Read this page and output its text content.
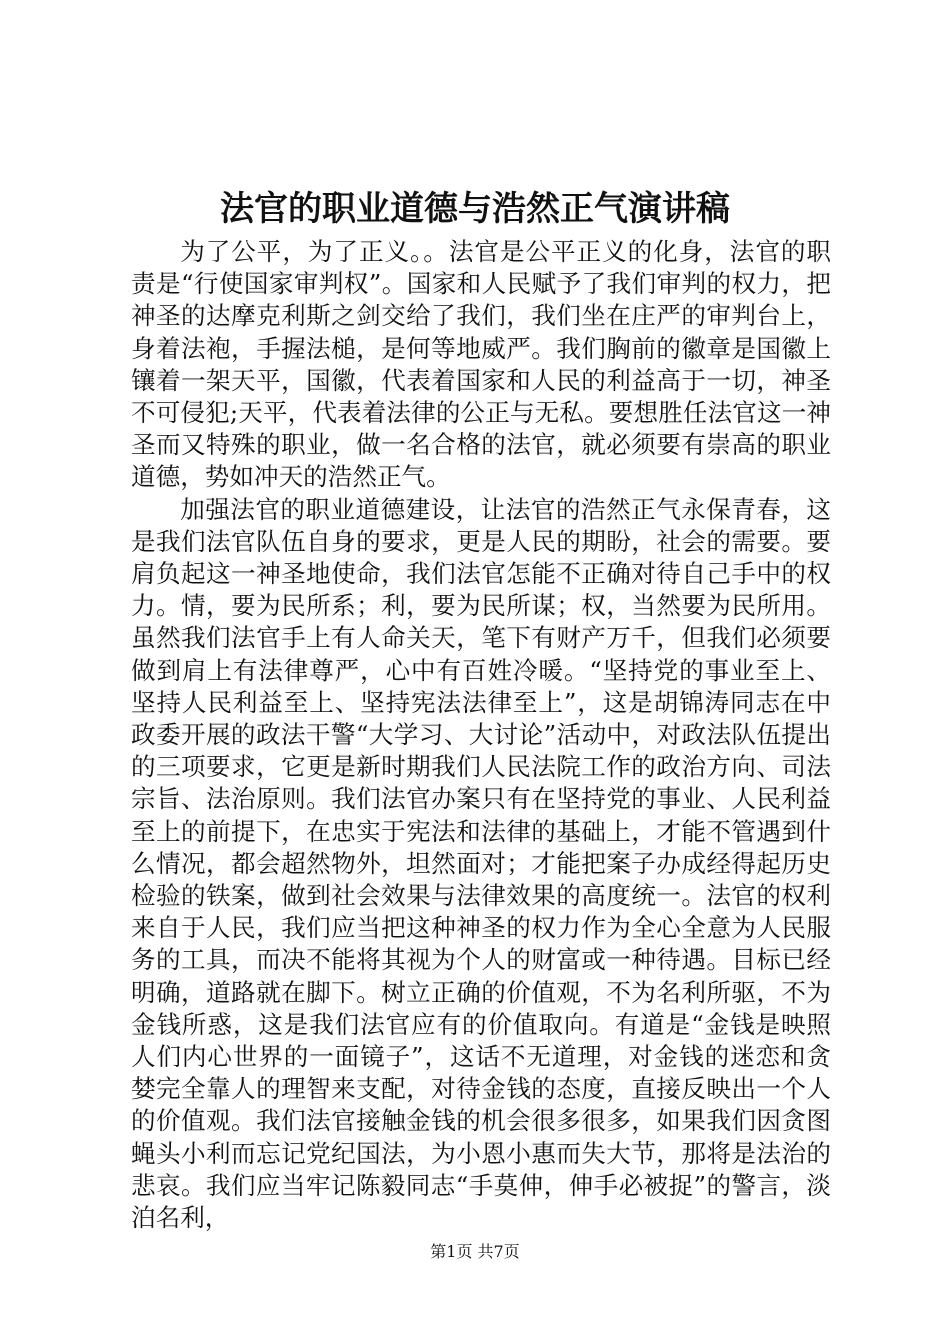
法官的职业道德与浩然正气演讲稿

为了公平，为了正义。。法官是公平正义的化身，法官的职责是“行使国家审判权”。国家和人民赋予了我们审判的权力，把神圣的达摩克利斯之剑交给了我们，我们坐在庄严的审判台上，身着法袍，手握法槌，是何等地威严。我们胸前的徽章是国徽上镶着一架天平，国徽，代表着国家和人民的利益高于一切，神圣不可侵犯;天平，代表着法律的公正与无私。要想胜任法官这一神圣而又特殊的职业，做一名合格的法官，就必须要有崇高的职业道德，势如冲天的浩然正气。

加强法官的职业道德建设，让法官的浩然正气永保青春，这是我们法官队伍自身的要求，更是人民的期盼，社会的需要。要肩负起这一神圣地使命，我们法官怎能不正确对待自己手中的权力。情，要为民所系；利，要为民所谋；权，当然要为民所用。虽然我们法官手上有人命关天，笔下有财产万千，但我们必须要做到肩上有法律尊严，心中有百姓冷暖。“坚持党的事业至上、坚持人民利益至上、坚持宪法法律至上”，这是胡锦涛同志在中政委开展的政法干警“大学习、大讨论”活动中，对政法队伍提出的三项要求，它更是新时期我们人民法院工作的政治方向、司法宗旨、法治原则。我们法官办案只有在坚持党的事业、人民利益至上的前提下，在忠实于宪法和法律的基础上，才能不管遇到什么情况，都会超然物外，坦然面对；才能把案子办成经得起历史检验的铁案，做到社会效果与法律效果的高度统一。法官的权利来自于人民，我们应当把这种神圣的权力作为全心全意为人民服务的工具，而决不能将其视为个人的财富或一种待遇。目标已经明确，道路就在脚下。树立正确的价值观，不为名利所驱，不为金钱所惑，这是我们法官应有的价值取向。有道是“金钱是映照人们内心世界的一面镜子”，这话不无道理，对金钱的迷恋和贪婪完全靠人的理智来支配，对待金钱的态度，直接反映出一个人的价值观。我们法官接触金钱的机会很多很多，如果我们因贪图蝇头小利而忘记党纪国法，为小恩小惠而失大节，那将是法治的悲哀。我们应当牢记陈毅同志“手莫伸，伸手必被捉”的警言，淡泊名利，

第1页 共7页
